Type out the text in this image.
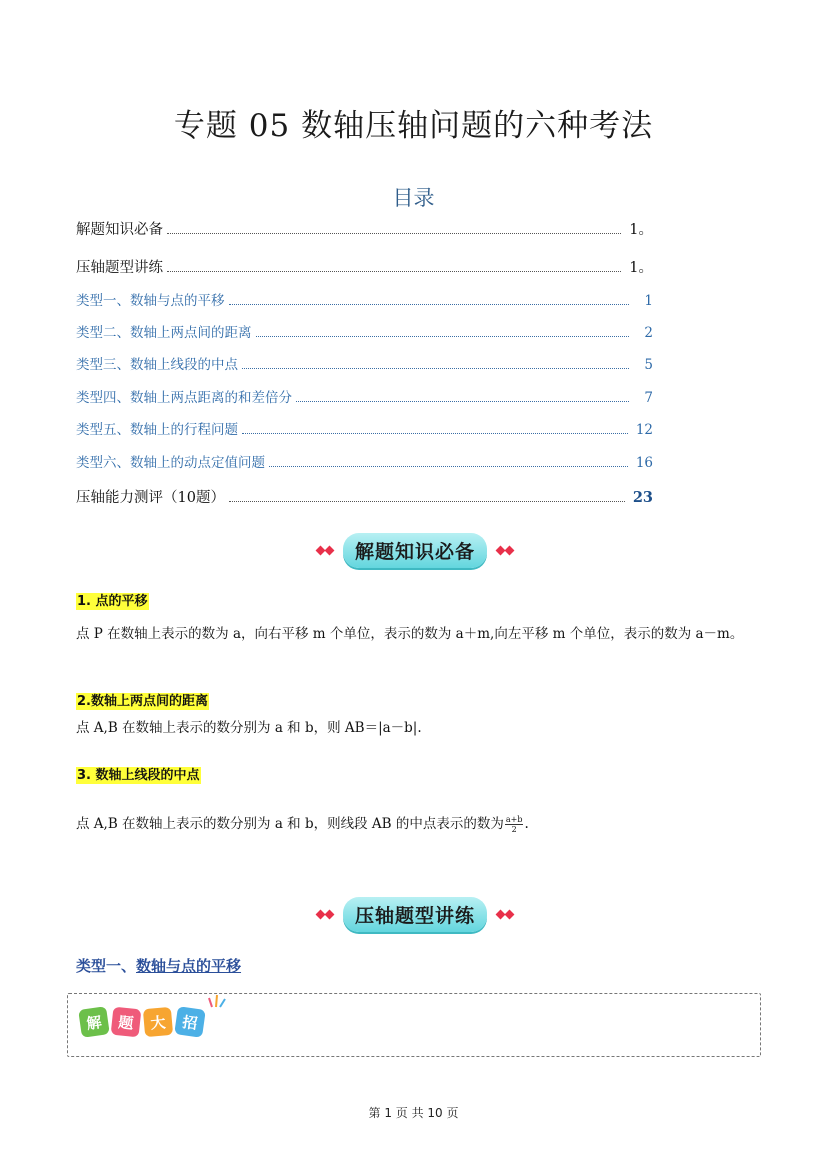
专题 05 数轴压轴问题的六种考法
目录
解题知识必备	1。
压轴题型讲练	1。
类型一、数轴与点的平移	1
类型二、数轴上两点间的距离	2
类型三、数轴上线段的中点	5
类型四、数轴上两点距离的和差倍分	7
类型五、数轴上的行程问题	12
类型六、数轴上的动点定值问题	16
压轴能力测评（10题）	23
解题知识必备
1. 点的平移
点 P 在数轴上表示的数为 a，向右平移 m 个单位，表示的数为 a＋m,向左平移 m 个单位，表示的数为 a－m。
2.数轴上两点间的距离
点 A,B 在数轴上表示的数分别为 a 和 b，则 AB＝|a－b|.
3. 数轴上线段的中点
点 A,B 在数轴上表示的数分别为 a 和 b，则线段 AB 的中点表示的数为 $\frac{a+b}{2}$ .
压轴题型讲练
类型一、数轴与点的平移
解 题	大 招
第 1 页 共 10 页
